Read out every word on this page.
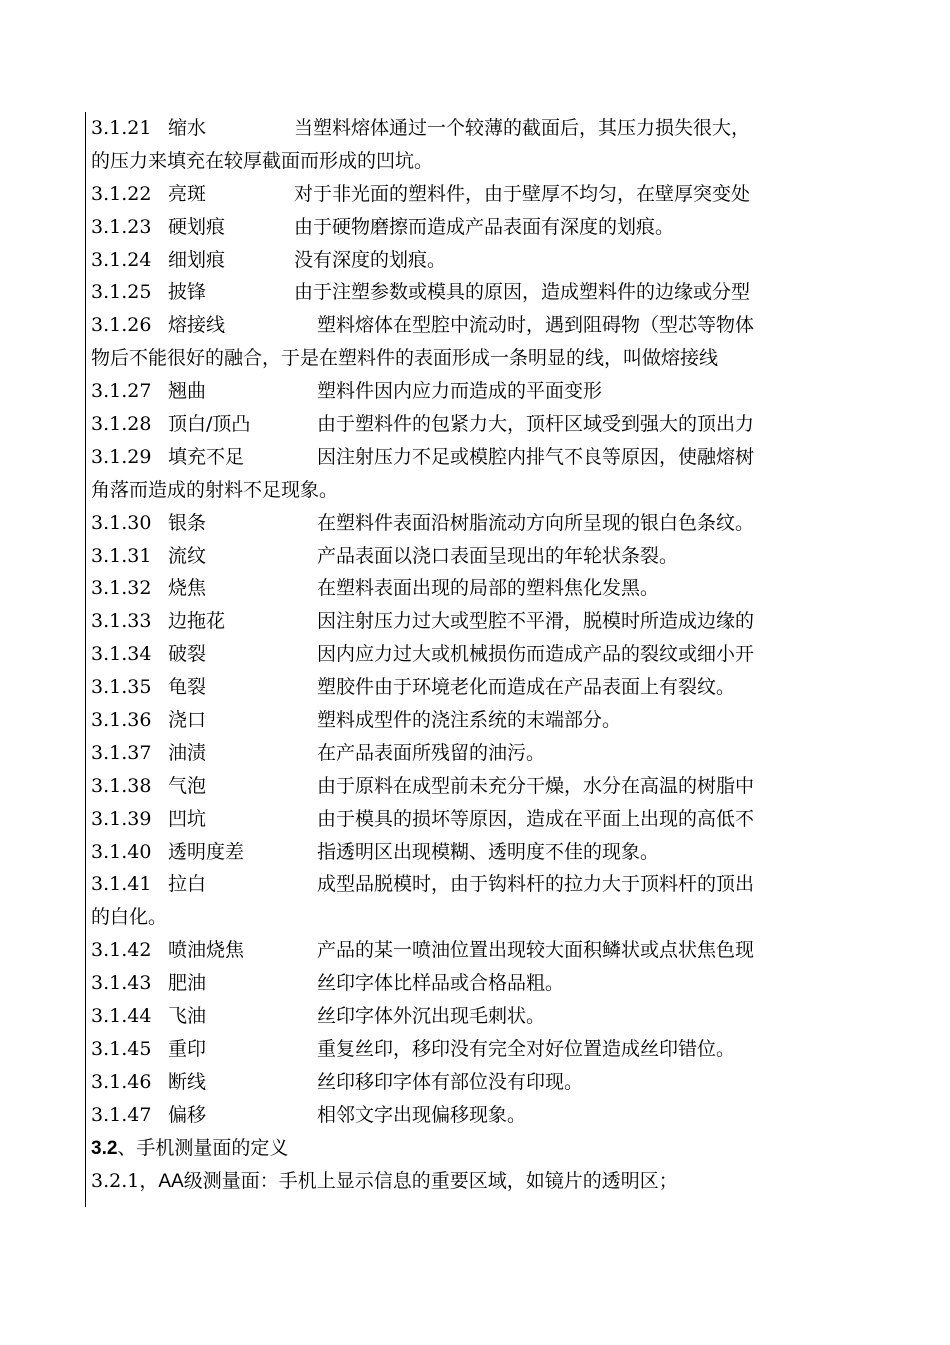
3.1.21 缩水	当塑料熔体通过一个较薄的截面后，其压力损失很大，
的压力来填充在较厚截面而形成的凹坑。
3.1.22 亮斑	对于非光面的塑料件，由于壁厚不均匀，在壁厚突变处
3.1.23 硬划痕	由于硬物磨擦而造成产品表面有深度的划痕。
3.1.24 细划痕	没有深度的划痕。
3.1.25 披锋	由于注塑参数或模具的原因，造成塑料件的边缘或分型
3.1.26 熔接线	塑料熔体在型腔中流动时，遇到阻碍物（型芯等物体
物后不能很好的融合，于是在塑料件的表面形成一条明显的线，叫做熔接线
3.1.27 翘曲	塑料件因内应力而造成的平面变形
3.1.28 顶白/顶凸	由于塑料件的包紧力大，顶杆区域受到强大的顶出力
3.1.29 填充不足	因注射压力不足或模腔内排气不良等原因，使融熔树
角落而造成的射料不足现象。
3.1.30 银条	在塑料件表面沿树脂流动方向所呈现的银白色条纹。
3.1.31 流纹	产品表面以浇口表面呈现出的年轮状条裂。
3.1.32 烧焦	在塑料表面出现的局部的塑料焦化发黑。
3.1.33 边拖花	因注射压力过大或型腔不平滑，脱模时所造成边缘的
3.1.34 破裂	因内应力过大或机械损伤而造成产品的裂纹或细小开
3.1.35 龟裂	塑胶件由于环境老化而造成在产品表面上有裂纹。
3.1.36 浇口	塑料成型件的浇注系统的末端部分。
3.1.37 油渍	在产品表面所残留的油污。
3.1.38 气泡	由于原料在成型前未充分干燥，水分在高温的树脂中
3.1.39 凹坑	由于模具的损坏等原因，造成在平面上出现的高低不
3.1.40 透明度差	指透明区出现模糊、透明度不佳的现象。
3.1.41 拉白	成型品脱模时，由于钩料杆的拉力大于顶料杆的顶出
的白化。
3.1.42 喷油烧焦	产品的某一喷油位置出现较大面积鳞状或点状焦色现
3.1.43 肥油	丝印字体比样品或合格品粗。
3.1.44 飞油	丝印字体外沉出现毛刺状。
3.1.45 重印	重复丝印，移印没有完全对好位置造成丝印错位。
3.1.46 断线	丝印移印字体有部位没有印现。
3.1.47 偏移	相邻文字出现偏移现象。
3.2、手机测量面的定义
3.2.1，AA级测量面：手机上显示信息的重要区域，如镜片的透明区；
